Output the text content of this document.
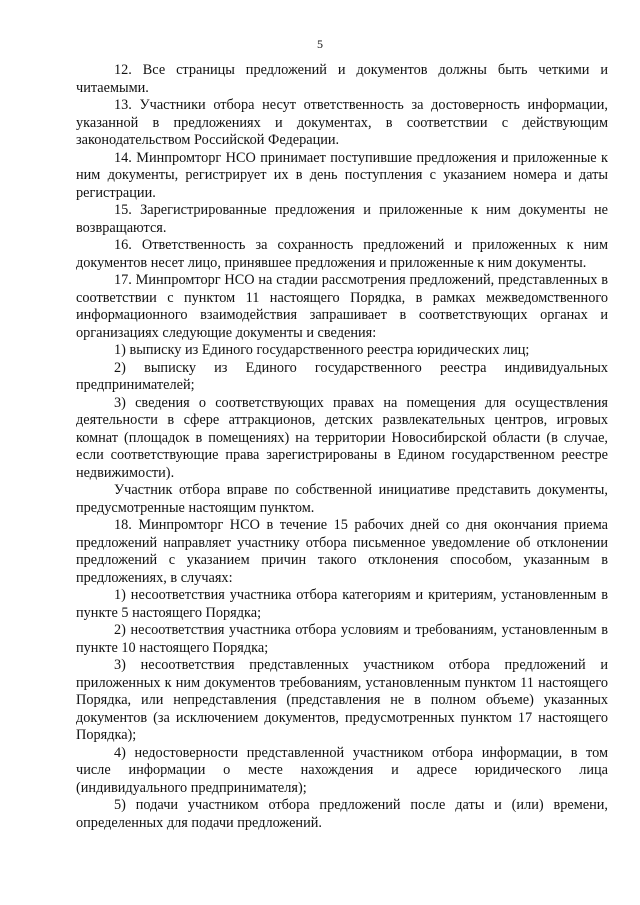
5

12. Все страницы предложений и документов должны быть четкими и читаемыми.

13. Участники отбора несут ответственность за достоверность информации, указанной в предложениях и документах, в соответствии с действующим законодательством Российской Федерации.

14. Минпромторг НСО принимает поступившие предложения и приложенные к ним документы, регистрирует их в день поступления с указанием номера и даты регистрации.

15. Зарегистрированные предложения и приложенные к ним документы не возвращаются.

16. Ответственность за сохранность предложений и приложенных к ним документов несет лицо, принявшее предложения и приложенные к ним документы.

17. Минпромторг НСО на стадии рассмотрения предложений, представленных в соответствии с пунктом 11 настоящего Порядка, в рамках межведомственного информационного взаимодействия запрашивает в соответствующих органах и организациях следующие документы и сведения:

1) выписку из Единого государственного реестра юридических лиц;

2) выписку из Единого государственного реестра индивидуальных предпринимателей;

3) сведения о соответствующих правах на помещения для осуществления деятельности в сфере аттракционов, детских развлекательных центров, игровых комнат (площадок в помещениях) на территории Новосибирской области (в случае, если соответствующие права зарегистрированы в Едином государственном реестре недвижимости).

Участник отбора вправе по собственной инициативе представить документы, предусмотренные настоящим пунктом.

18. Минпромторг НСО в течение 15 рабочих дней со дня окончания приема предложений направляет участнику отбора письменное уведомление об отклонении предложений с указанием причин такого отклонения способом, указанным в предложениях, в случаях:

1) несоответствия участника отбора категориям и критериям, установленным в пункте 5 настоящего Порядка;

2) несоответствия участника отбора условиям и требованиям, установленным в пункте 10 настоящего Порядка;

3) несоответствия представленных участником отбора предложений и приложенных к ним документов требованиям, установленным пунктом 11 настоящего Порядка, или непредставления (представления не в полном объеме) указанных документов (за исключением документов, предусмотренных пунктом 17 настоящего Порядка);

4) недостоверности представленной участником отбора информации, в том числе информации о месте нахождения и адресе юридического лица (индивидуального предпринимателя);

5) подачи участником отбора предложений после даты и (или) времени, определенных для подачи предложений.
